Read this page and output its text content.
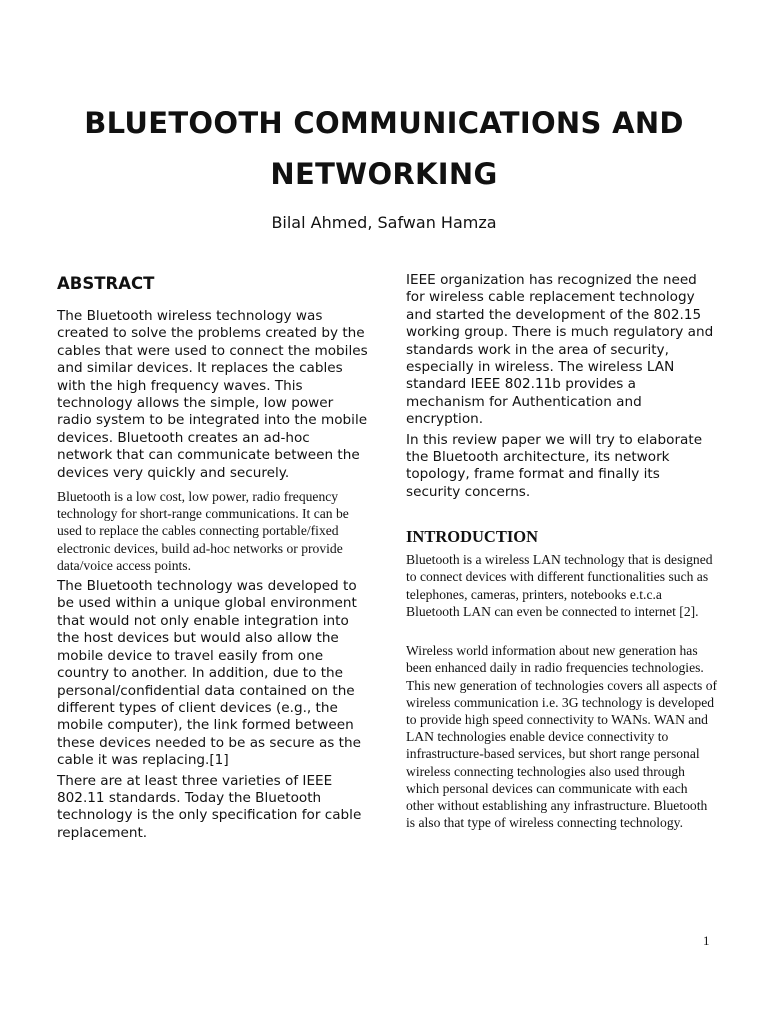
BLUETOOTH COMMUNICATIONS AND
NETWORKING
Bilal Ahmed, Safwan Hamza
ABSTRACT

The Bluetooth wireless technology was created to solve the problems created by the cables that were used to connect the mobiles and similar devices. It replaces the cables with the high frequency waves. This technology allows the simple, low power radio system to be integrated into the mobile devices. Bluetooth creates an ad-hoc network that can communicate between the devices very quickly and securely.

Bluetooth is a low cost, low power, radio frequency technology for short-range communications. It can be used to replace the cables connecting portable/fixed electronic devices, build ad-hoc networks or provide data/voice access points.

The Bluetooth technology was developed to be used within a unique global environment that would not only enable integration into the host devices but would also allow the mobile device to travel easily from one country to another. In addition, due to the personal/confidential data contained on the different types of client devices (e.g., the mobile computer), the link formed between these devices needed to be as secure as the cable it was replacing.[1]

There are at least three varieties of IEEE 802.11 standards. Today the Bluetooth technology is the only specification for cable replacement.

IEEE organization has recognized the need for wireless cable replacement technology and started the development of the 802.15 working group. There is much regulatory and standards work in the area of security, especially in wireless. The wireless LAN standard IEEE 802.11b provides a mechanism for Authentication and encryption.

In this review paper we will try to elaborate the Bluetooth architecture, its network topology, frame format and finally its security concerns.

INTRODUCTION

Bluetooth is a wireless LAN technology that is designed to connect devices with different functionalities such as telephones, cameras, printers, notebooks e.t.c.a Bluetooth LAN can even be connected to internet [2].

Wireless world information about new generation has been enhanced daily in radio frequencies technologies. This new generation of technologies covers all aspects of wireless communication i.e. 3G technology is developed to provide high speed connectivity to WANs. WAN and LAN technologies enable device connectivity to infrastructure-based services, but short range personal wireless connecting technologies also used through which personal devices can communicate with each other without establishing any infrastructure. Bluetooth is also that type of wireless connecting technology.

1
